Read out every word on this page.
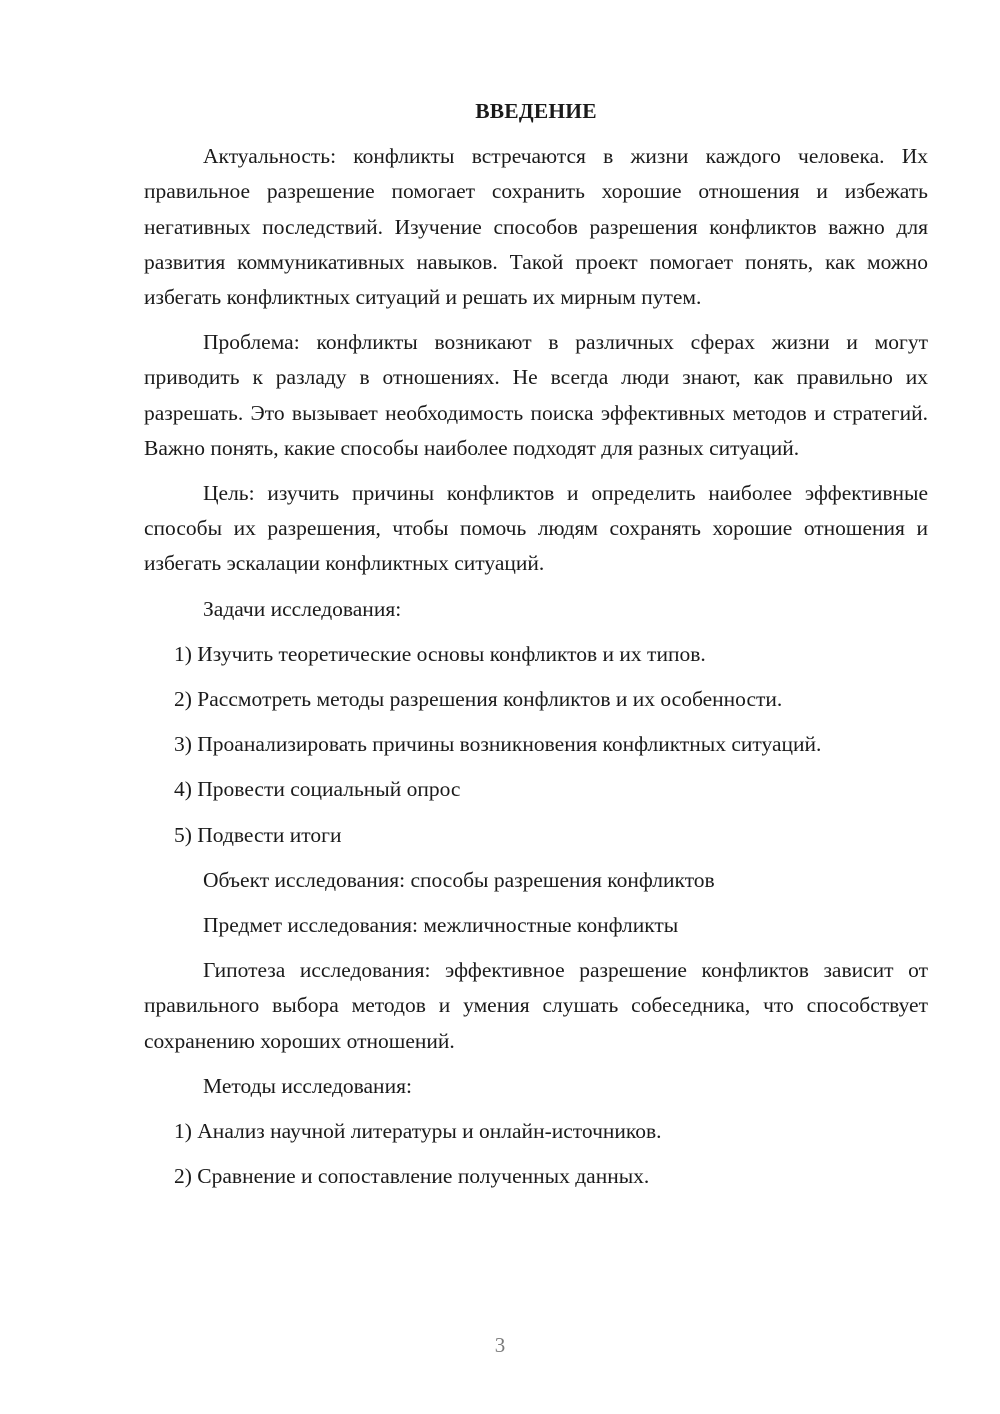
ВВЕДЕНИЕ

Актуальность: конфликты встречаются в жизни каждого человека. Их правильное разрешение помогает сохранить хорошие отношения и избежать негативных последствий. Изучение способов разрешения конфликтов важно для развития коммуникативных навыков. Такой проект помогает понять, как можно избегать конфликтных ситуаций и решать их мирным путем.

Проблема: конфликты возникают в различных сферах жизни и могут приводить к разладу в отношениях. Не всегда люди знают, как правильно их разрешать. Это вызывает необходимость поиска эффективных методов и стратегий. Важно понять, какие способы наиболее подходят для разных ситуаций.

Цель: изучить причины конфликтов и определить наиболее эффективные способы их разрешения, чтобы помочь людям сохранять хорошие отношения и избегать эскалации конфликтных ситуаций.

Задачи исследования:

1) Изучить теоретические основы конфликтов и их типов.

2) Рассмотреть методы разрешения конфликтов и их особенности.

3) Проанализировать причины возникновения конфликтных ситуаций.

4) Провести социальный опрос

5) Подвести итоги

Объект исследования: способы разрешения конфликтов

Предмет исследования: межличностные конфликты

Гипотеза исследования: эффективное разрешение конфликтов зависит от правильного выбора методов и умения слушать собеседника, что способствует сохранению хороших отношений.

Методы исследования:

1) Анализ научной литературы и онлайн-источников.

2) Сравнение и сопоставление полученных данных.

3
